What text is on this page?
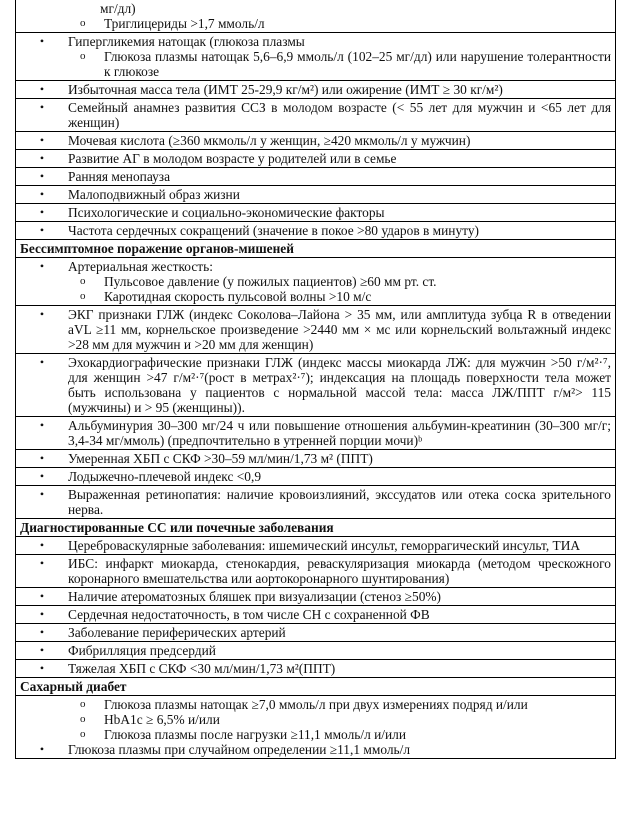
мг/дл)
o	Триглицериды >1,7 ммоль/л
•	Гипергликемия натощак (глюкоза плазмы
o	Глюкоза плазмы натощак 5,6–6,9 ммоль/л (102–25 мг/дл) или нарушение толерантности к глюкозе
•	Избыточная масса тела (ИМТ 25-29,9 кг/м²) или ожирение (ИМТ ≥ 30 кг/м²)
•	Семейный анамнез развития ССЗ в молодом возрасте (< 55 лет для мужчин и <65 лет для женщин)
•	Мочевая кислота (≥360 мкмоль/л у женщин, ≥420 мкмоль/л у мужчин)
•	Развитие АГ в молодом возрасте у родителей или в семье
•	Ранняя менопауза
•	Малоподвижный образ жизни
•	Психологические и социально-экономические факторы
•	Частота сердечных сокращений (значение в покое >80 ударов в минуту)
Бессимптомное поражение органов-мишеней
•	Артериальная жесткость:
o	Пульсовое давление (у пожилых пациентов) ≥60 мм рт. ст.
o	Каротидная скорость пульсовой волны >10 м/с
•	ЭКГ признаки ГЛЖ (индекс Соколова–Лайона > 35 мм, или амплитуда зубца R в отведении aVL ≥11 мм, корнельское произведение >2440 мм × мс или корнельский вольтажный индекс >28 мм для мужчин и >20 мм для женщин)
•	Эхокардиографические признаки ГЛЖ (индекс массы миокарда ЛЖ: для мужчин >50 г/м²·⁷, для женщин >47 г/м²·⁷(рост в метрах²·⁷); индексация на площадь поверхности тела может быть использована у пациентов с нормальной массой тела: масса ЛЖ/ППТ г/м²> 115 (мужчины) и > 95 (женщины)).
•	Альбуминурия 30–300 мг/24 ч или повышение отношения альбумин-креатинин (30–300 мг/г; 3,4-34 мг/ммоль) (предпочтительно в утренней порции мочи)ᵇ
•	Умеренная ХБП с СКФ >30–59 мл/мин/1,73 м² (ППТ)
•	Лодыжечно-плечевой индекс <0,9
•	Выраженная ретинопатия: наличие кровоизлияний, экссудатов или отека соска зрительного нерва.
Диагностированные СС или почечные заболевания
•	Цереброваскулярные заболевания: ишемический инсульт, геморрагический инсульт, ТИА
•	ИБС: инфаркт миокарда, стенокардия, реваскуляризация миокарда (методом чрескожного коронарного вмешательства или аортокоронарного шунтирования)
•	Наличие атероматозных бляшек при визуализации (стеноз ≥50%)
•	Сердечная недостаточность, в том числе СН с сохраненной ФВ
•	Заболевание периферических артерий
•	Фибрилляция предсердий
•	Тяжелая ХБП с СКФ <30 мл/мин/1,73 м²(ППТ)
Сахарный диабет
o	Глюкоза плазмы натощак ≥7,0 ммоль/л при двух измерениях подряд и/или
o	HbA1c ≥ 6,5% и/или
o	Глюкоза плазмы после нагрузки ≥11,1 ммоль/л и/или
•	Глюкоза плазмы при случайном определении ≥11,1 ммоль/л
